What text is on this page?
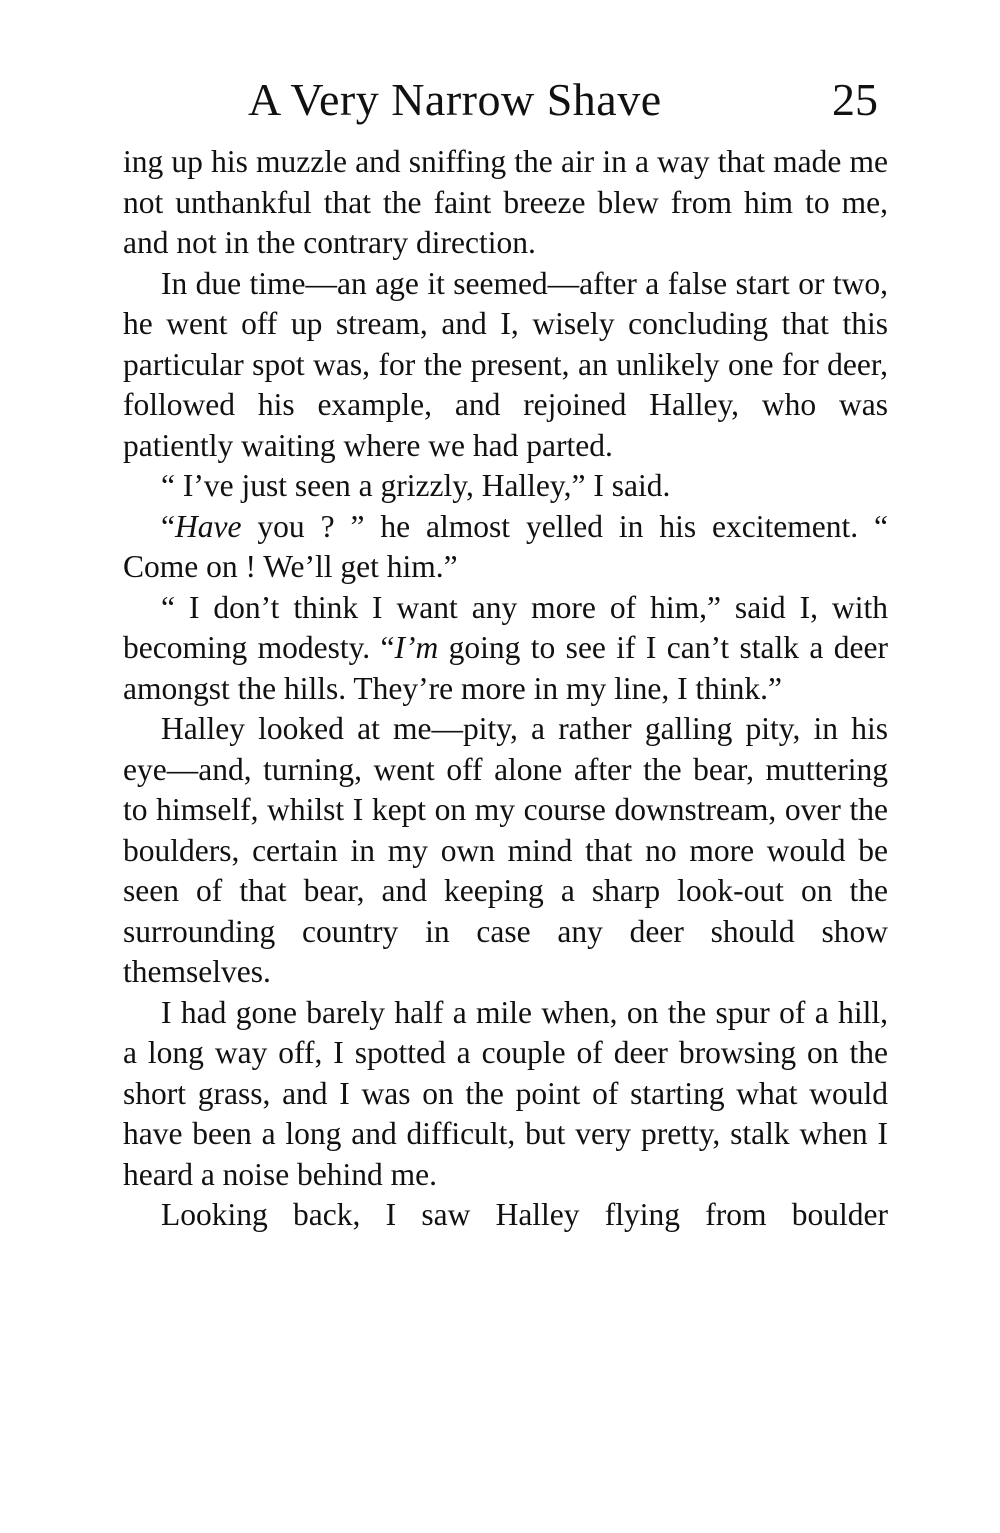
A Very Narrow Shave	25

ing up his muzzle and sniffing the air in a way that made me not unthankful that the faint breeze blew from him to me, and not in the contrary direction.

In due time—an age it seemed—after a false start or two, he went off up stream, and I, wisely concluding that this particular spot was, for the present, an unlikely one for deer, followed his example, and rejoined Halley, who was patiently waiting where we had parted.

“ I’ve just seen a grizzly, Halley,” I said.

“Have you ? ” he almost yelled in his excitement. “ Come on ! We’ll get him.”

“ I don’t think I want any more of him,” said I, with becoming modesty. “I’m going to see if I can’t stalk a deer amongst the hills. They’re more in my line, I think.”

Halley looked at me—pity, a rather galling pity, in his eye—and, turning, went off alone after the bear, muttering to himself, whilst I kept on my course downstream, over the boulders, certain in my own mind that no more would be seen of that bear, and keeping a sharp look-out on the surrounding country in case any deer should show themselves.

I had gone barely half a mile when, on the spur of a hill, a long way off, I spotted a couple of deer browsing on the short grass, and I was on the point of starting what would have been a long and difficult, but very pretty, stalk when I heard a noise behind me.

Looking back, I saw Halley flying from boulder
